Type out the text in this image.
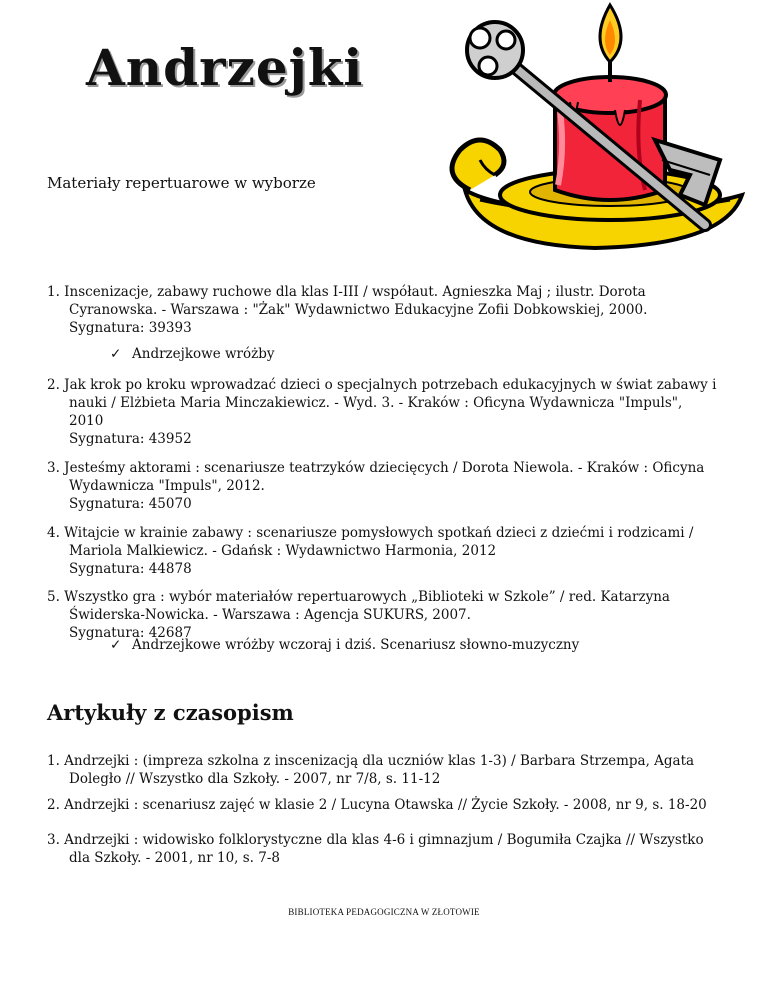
Andrzejki
Materiały repertuarowe w wyborze
1. Inscenizacje, zabawy ruchowe dla klas I-III / współaut. Agnieszka Maj ; ilustr. Dorota
Cyranowska. - Warszawa : "Żak" Wydawnictwo Edukacyjne Zofii Dobkowskiej, 2000.
Sygnatura: 39393
✓ Andrzejkowe wróżby
2. Jak krok po kroku wprowadzać dzieci o specjalnych potrzebach edukacyjnych w świat zabawy i
nauki / Elżbieta Maria Minczakiewicz. - Wyd. 3. - Kraków : Oficyna Wydawnicza "Impuls",
2010
Sygnatura: 43952
3. Jesteśmy aktorami : scenariusze teatrzyków dziecięcych / Dorota Niewola. - Kraków : Oficyna
Wydawnicza "Impuls", 2012.
Sygnatura: 45070
4. Witajcie w krainie zabawy : scenariusze pomysłowych spotkań dzieci z dziećmi i rodzicami /
Mariola Malkiewicz. - Gdańsk : Wydawnictwo Harmonia, 2012
Sygnatura: 44878
5. Wszystko gra : wybór materiałów repertuarowych „Biblioteki w Szkole” / red. Katarzyna
Świderska-Nowicka. - Warszawa : Agencja SUKURS, 2007.
Sygnatura: 42687
✓ Andrzejkowe wróżby wczoraj i dziś. Scenariusz słowno-muzyczny
Artykuły z czasopism
1. Andrzejki : (impreza szkolna z inscenizacją dla uczniów klas 1-3) / Barbara Strzempa, Agata
Doległo // Wszystko dla Szkoły. - 2007, nr 7/8, s. 11-12
2. Andrzejki : scenariusz zajęć w klasie 2 / Lucyna Otawska // Życie Szkoły. - 2008, nr 9, s. 18-20
3. Andrzejki : widowisko folklorystyczne dla klas 4-6 i gimnazjum / Bogumiła Czajka // Wszystko
dla Szkoły. - 2001, nr 10, s. 7-8
BIBLIOTEKA PEDAGOGICZNA W ZŁOTOWIE
